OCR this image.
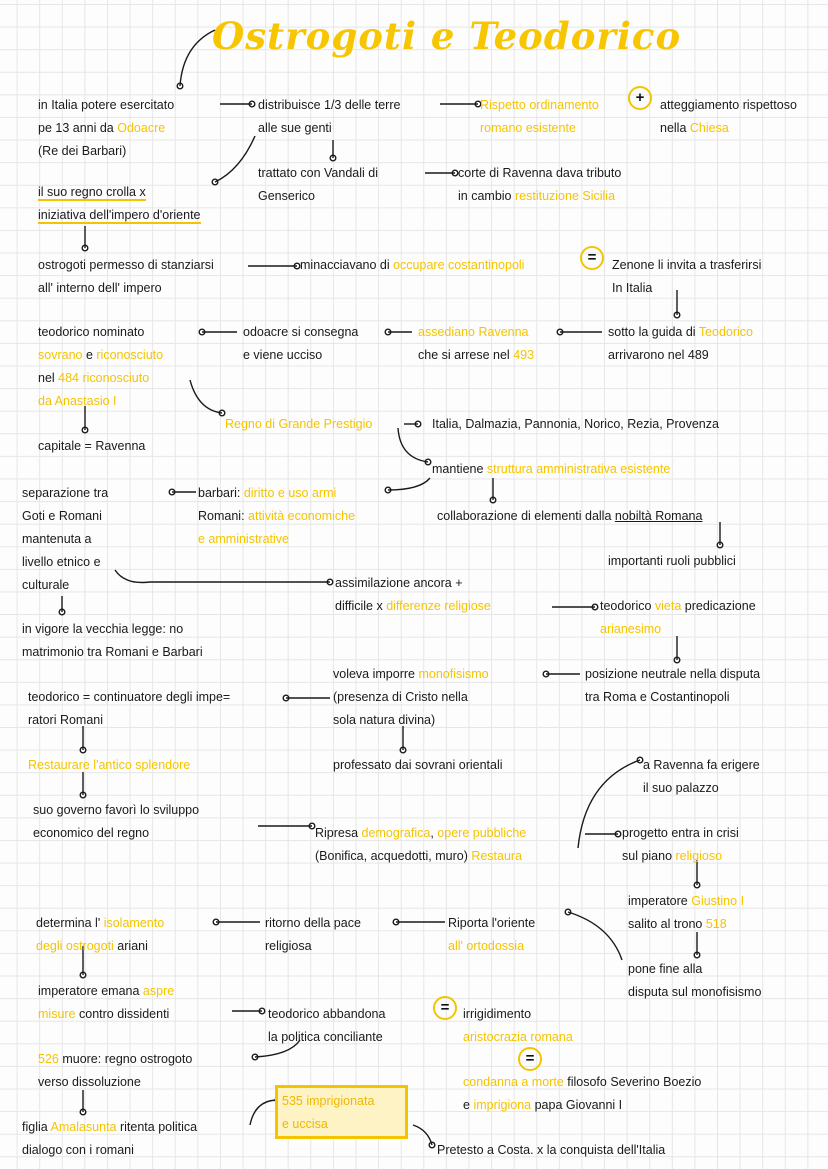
Ostrogoti e Teodorico
+
=
=
=
535 imprigionata
e uccisa
in Italia potere esercitato
pe 13 anni da Odoacre
(Re dei Barbari)
distribuisce 1/3 delle terre
alle sue genti
Rispetto ordinamento
romano esistente
atteggiamento rispettoso
nella Chiesa
trattato con Vandali di
Genserico
corte di Ravenna dava tributo
in cambio restituzione Sicilia
il suo regno crolla x
iniziativa dell'impero d'oriente
ostrogoti permesso di stanziarsi
all' interno dell' impero
minacciavano di occupare costantinopoli	Zenone li invita a trasferirsi
In Italia
teodorico nominato
sovrano e riconosciuto
nel 484 riconosciuto
da Anastasio I
odoacre si consegna
e viene ucciso
assediano Ravenna
che si arrese nel 493
sotto la guida di Teodorico
arrivarono nel 489
capitale = Ravenna
Regno di Grande Prestigio	Italia, Dalmazia, Pannonia, Norico, Rezia, Provenza
mantiene struttura amministrativa esistente
separazione tra
Goti e Romani
mantenuta a
livello etnico e
culturale
barbari: diritto e uso armi
Romani: attività economiche
e amministrative
collaborazione di elementi dalla nobiltà Romana
importanti ruoli pubblici
assimilazione ancora +
difficile x differenze religiose	teodorico vieta predicazione
arianesimo
in vigore la vecchia legge: no
matrimonio tra Romani e Barbari
voleva imporre monofisismo
(presenza di Cristo nella
sola natura divina)
posizione neutrale nella disputa
tra Roma e Costantinopoli
teodorico = continuatore degli impe=
ratori Romani
Restaurare l'antico splendore	professato dai sovrani orientali	a Ravenna fa erigere
il suo palazzo
suo governo favorì lo sviluppo
economico del regno	Ripresa demografica, opere pubbliche
(Bonifica, acquedotti, muro) Restaura
progetto entra in crisi
sul piano religioso
imperatore Giustino I
salito al trono 518
determina l' isolamento
degli ostrogoti ariani
ritorno della pace
religiosa
Riporta l'oriente
all' ortodossia
pone fine alla
disputa sul monofisismo
imperatore emana aspre
misure contro dissidenti	teodorico abbandona
la politica conciliante
irrigidimento
aristocrazia romana
526 muore: regno ostrogoto
verso dissoluzione	condanna a morte filosofo Severino Boezio
e imprigiona papa Giovanni I
figlia Amalasunta ritenta politica
dialogo con i romani	Pretesto a Costa. x la conquista dell'Italia
